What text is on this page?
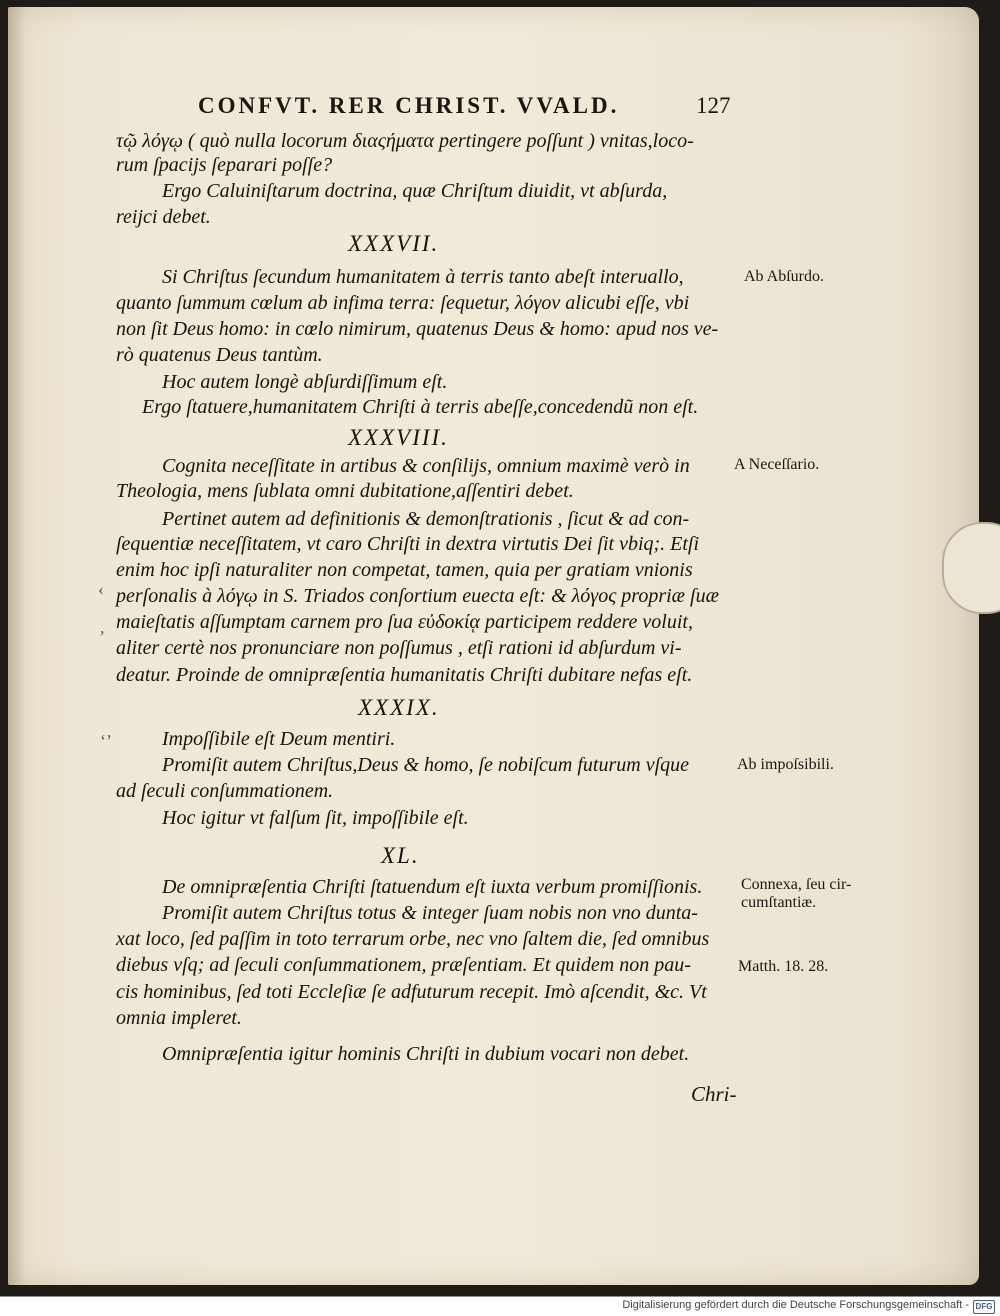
CONFVT. RER CHRIST. VVALD.	127
τῷ λόγῳ ( quò nulla locorum διαςήματα pertingere poſſunt ) vnitas,loco-
rum ſpacijs ſeparari poſſe?
Ergo Caluiniſtarum doctrina, quæ Chriſtum diuidit, vt abſurda,
reijci debet.
XXXVII.
Ab Abſurdo.
Si Chriſtus ſecundum humanitatem à terris tanto abeſt interuallo,
quanto ſummum cœlum ab infima terra: ſequetur, λόγον alicubi eſſe, vbi
non ſit Deus homo: in cœlo nimirum, quatenus Deus & homo: apud nos ve-
rò quatenus Deus tantùm.
Hoc autem longè abſurdiſſimum eſt.
Ergo ſtatuere,humanitatem Chriſti à terris abeſſe,concedendũ non eſt.
XXXVIII.
A Neceſſario.
Cognita neceſſitate in artibus & conſilijs, omnium maximè verò in
Theologia, mens ſublata omni dubitatione,aſſentiri debet.
Pertinet autem ad definitionis & demonſtrationis , ſicut & ad con-
ſequentiæ neceſſitatem, vt caro Chriſti in dextra virtutis Dei ſit vbiq;. Etſi
enim hoc ipſi naturaliter non competat, tamen, quia per gratiam vnionis
perſonalis à λόγῳ in S. Triados conſortium euecta eſt: & λόγος propriæ ſuæ
maieſtatis aſſumptam carnem pro ſua εὐδοκίᾳ participem reddere voluit,
aliter certè nos pronunciare non poſſumus , etſi rationi id abſurdum vi-
deatur. Proinde de omnipræſentia humanitatis Chriſti dubitare nefas eſt.
XXXIX.
Ab impoſsibili.
Impoſſibile eſt Deum mentiri.
Promiſit autem Chriſtus,Deus & homo, ſe nobiſcum futurum vſque
ad ſeculi conſummationem.
Hoc igitur vt falſum ſit, impoſſibile eſt.
XL.
Connexa, ſeu cir-
cumſtantiæ.
Matth. 18. 28.
De omnipræſentia Chriſti ſtatuendum eſt iuxta verbum promiſſionis.
Promiſit autem Chriſtus totus & integer ſuam nobis non vno dunta-
xat loco, ſed paſſim in toto terrarum orbe, nec vno ſaltem die, ſed omnibus
diebus vſq; ad ſeculi conſummationem, præſentiam. Et quidem non pau-
cis hominibus, ſed toti Eccleſiæ ſe adfuturum recepit. Imò aſcendit, &c. Vt
omnia impleret.
Omnipræſentia igitur hominis Chriſti in dubium vocari non debet.
Chri-
‹
,
‘’
Digitalisierung gefördert durch die Deutsche Forschungsgemeinschaft - DFG
